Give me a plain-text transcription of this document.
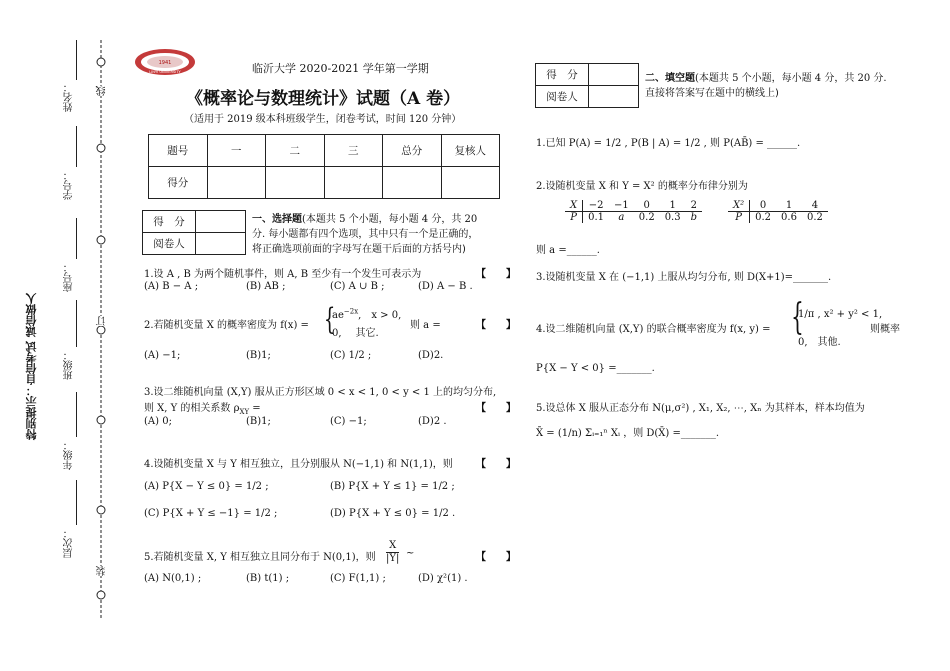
特别提示：自信考试 诚信做人
层次：
年级：
班级：
座号：
学号：
姓名：
装
订
线
1941
LINYI UNIVERSITY	临沂大学 2020-2021 学年第一学期
《概率论与数理统计》试题（A 卷）
（适用于 2019 级本科班级学生，闭卷考试，时间 120 分钟）
题号	一	二	三	总分	复核人
得分					
得　分	
阅卷人	
一、选择题(本题共 5 个小题，每小题 4 分，共 20
分. 每小题都有四个选项，其中只有一个是正确的，
将正确选项前面的字母写在题干后面的方括号内)
1.设 A , B 为两个随机事件，则 A, B 至少有一个发生可表示为	【　　】
(A) B − A ;	(B) AB ;	(C) A ∪ B ;	(D) A − B .
2.若随机变量 X 的概率密度为 f(x) = {
$ae^{-2x}$,　x > 0,
0, 其它.
则 a =	【　　】
(A) −1;	(B)1;	(C) 1/2 ;	(D)2.
3.设二维随机向量 (X,Y) 服从正方形区域 0 < x < 1, 0 < y < 1 上的均匀分布,
则 X, Y 的相关系数 $\rho_{XY}$ =	【　　】
(A) 0;	(B)1;	(C) −1;	(D)2 .
4.设随机变量 X 与 Y 相互独立，且分别服从 N(−1,1) 和 N(1,1)，则 【　　】
(A) P{X − Y ≤ 0} = 1/2 ;	(B) P{X + Y ≤ 1} = 1/2 ;
(C) P{X + Y ≤ −1} = 1/2 ;	(D) P{X + Y ≤ 0} = 1/2 .
5.若随机变量 X, Y 相互独立且同分布于 N(0,1)，则 $\frac{X}{|Y|}$ ~	【　　】
(A) N(0,1) ;	(B) t(1) ;	(C) F(1,1) ;	(D) χ²(1) .
得　分	
阅卷人	
二、填空题(本题共 5 个小题，每小题 4 分，共 20 分.
直接将答案写在题中的横线上)
1.已知 P(A) = 1/2 , P(B | A) = 1/2 , 则 P(AB̄) = ______.
2.设随机变量 X 和 Y = X² 的概率分布律分别为
X	−2	−1	0	1	2
P	0.1	a	0.2	0.3	b
X²	0	1	4
P	0.2	0.6	0.2
则 a =______.
3.设随机变量 X 在 (−1,1) 上服从均匀分布, 则 D(X+1)=_______.
4.设二维随机向量 (X,Y) 的联合概率密度为 f(x, y) = {
1/π , x² + y² < 1,
0,　其他.
则概率
P{X − Y < 0} =_______.
5.设总体 X 服从正态分布 N(μ,σ²) , X₁, X₂, ⋯, Xₙ 为其样本，样本均值为
X̄ = (1/n) Σᵢ₌₁ⁿ Xᵢ ，则 D(X̄) =_______.
